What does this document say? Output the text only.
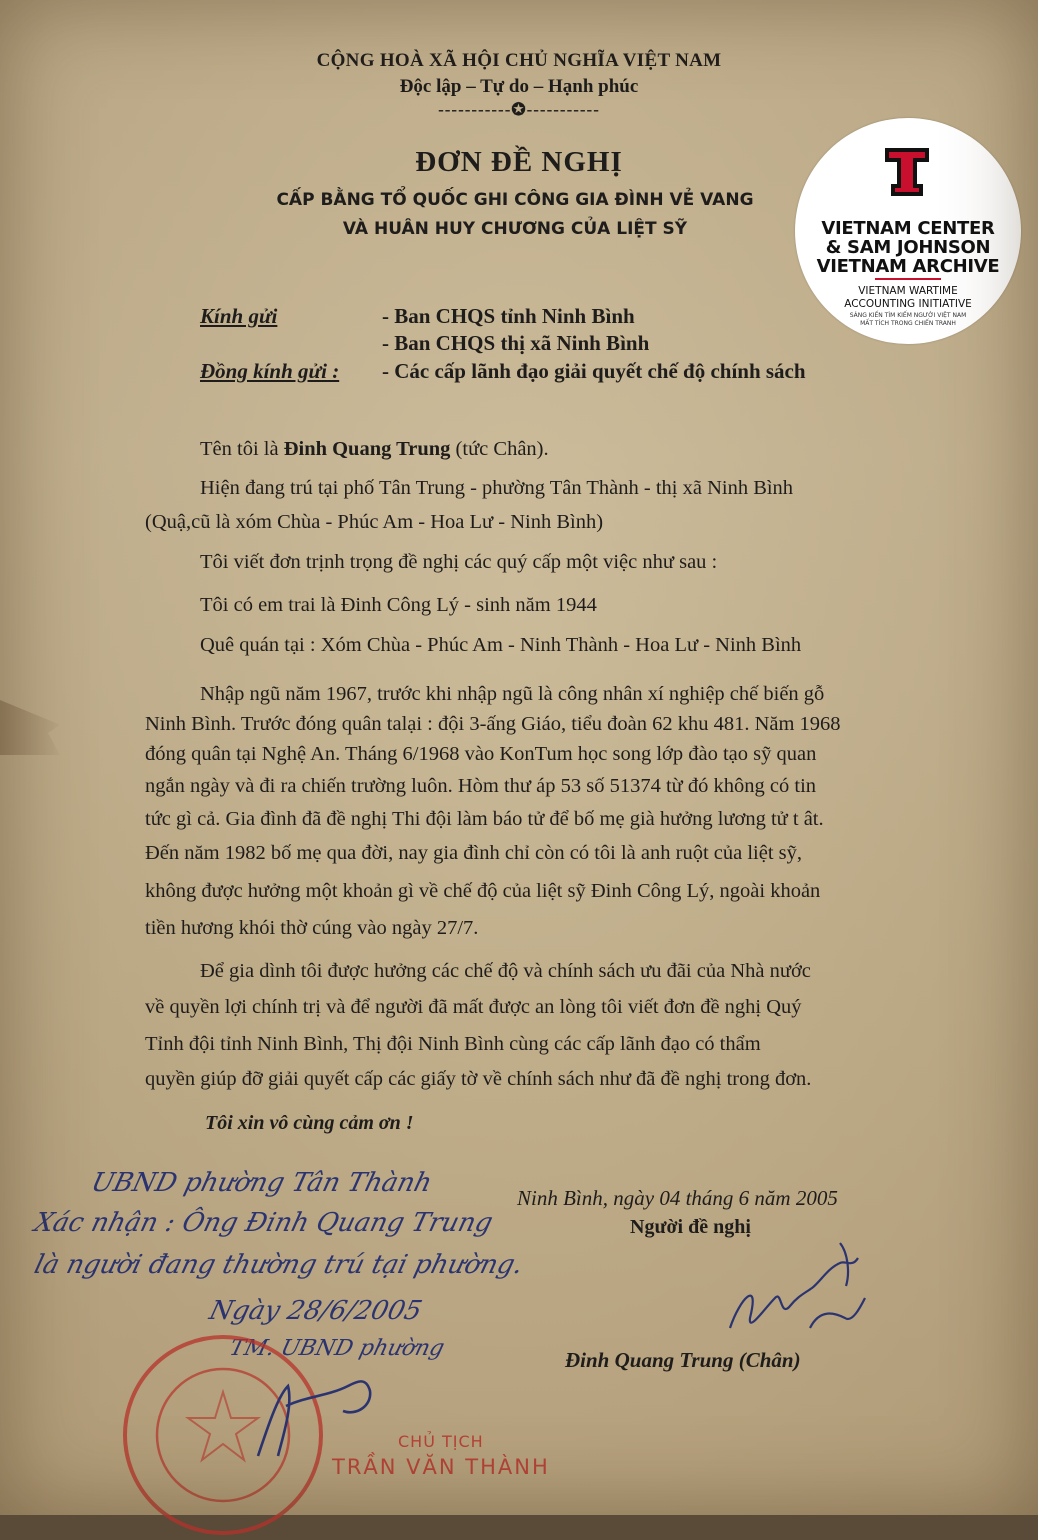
CỘNG HOÀ XÃ HỘI CHỦ NGHĨA VIỆT NAM
Độc lập – Tự do – Hạnh phúc
-----------✪-----------
ĐƠN ĐỀ NGHỊ
CẤP BẰNG TỔ QUỐC GHI CÔNG GIA ĐÌNH VẺ VANG
VÀ HUÂN HUY CHƯƠNG CỦA LIỆT SỸ	VIETNAM CENTER
& SAM JOHNSON
VIETNAM ARCHIVE
VIETNAM WARTIME
ACCOUNTING INITIATIVE
SÁNG KIẾN TÌM KIẾM NGƯỜI VIỆT NAM
MẤT TÍCH TRONG CHIẾN TRANH
Kính gửi	- Ban CHQS tỉnh Ninh Bình
- Ban CHQS thị xã Ninh Bình
Đồng kính gửi : - Các cấp lãnh đạo giải quyết chế độ chính sách
Tên tôi là Đinh Quang Trung (tức Chân).
Hiện đang trú tại phố Tân Trung - phường Tân Thành - thị xã Ninh Bình
(Quậ,cũ là xóm Chùa - Phúc Am - Hoa Lư - Ninh Bình)
Tôi viết đơn trịnh trọng đề nghị các quý cấp một việc như sau :
Tôi có em trai là Đinh Công Lý - sinh năm 1944
Quê quán tại : Xóm Chùa - Phúc Am - Ninh Thành - Hoa Lư - Ninh Bình
Nhập ngũ năm 1967, trước khi nhập ngũ là công nhân xí nghiệp chế biến gỗ
Ninh Bình. Trước đóng quân talại : đội 3-ấng Giáo, tiểu đoàn 62 khu 481. Năm 1968
đóng quân tại Nghệ An. Tháng 6/1968 vào KonTum học song lớp đào tạo sỹ quan
ngắn ngày và đi ra chiến trường luôn. Hòm thư áp 53 số 51374 từ đó không có tin
tức gì cả. Gia đình đã đề nghị Thi đội làm báo tử để bố mẹ già hưởng lương tử t ât.
Đến năm 1982 bố mẹ qua đời, nay gia đình chỉ còn có tôi là anh ruột của liệt sỹ,
không được hưởng một khoản gì về chế độ của liệt sỹ Đinh Công Lý, ngoài khoản
tiền hương khói thờ cúng vào ngày 27/7.
Để gia dình tôi được hưởng các chế độ và chính sách ưu đãi của Nhà nước
về quyền lợi chính trị và để người đã mất được an lòng tôi viết đơn đề nghị Quý
Tỉnh đội tỉnh Ninh Bình, Thị đội Ninh Bình cùng các cấp lãnh đạo có thẩm
quyền giúp đỡ giải quyết cấp các giấy tờ về chính sách như đã đề nghị trong đơn.
Tôi xin vô cùng cảm ơn !
Ninh Bình, ngày 04 tháng 6 năm 2005
Người đề nghị
Đinh Quang Trung (Chân)
UBND phường Tân Thành
Xác nhận : Ông Đinh Quang Trung
là người đang thường trú tại phường.
Ngày 28/6/2005
TM. UBND phường
CHỦ TỊCH
TRẦN VĂN THÀNH
